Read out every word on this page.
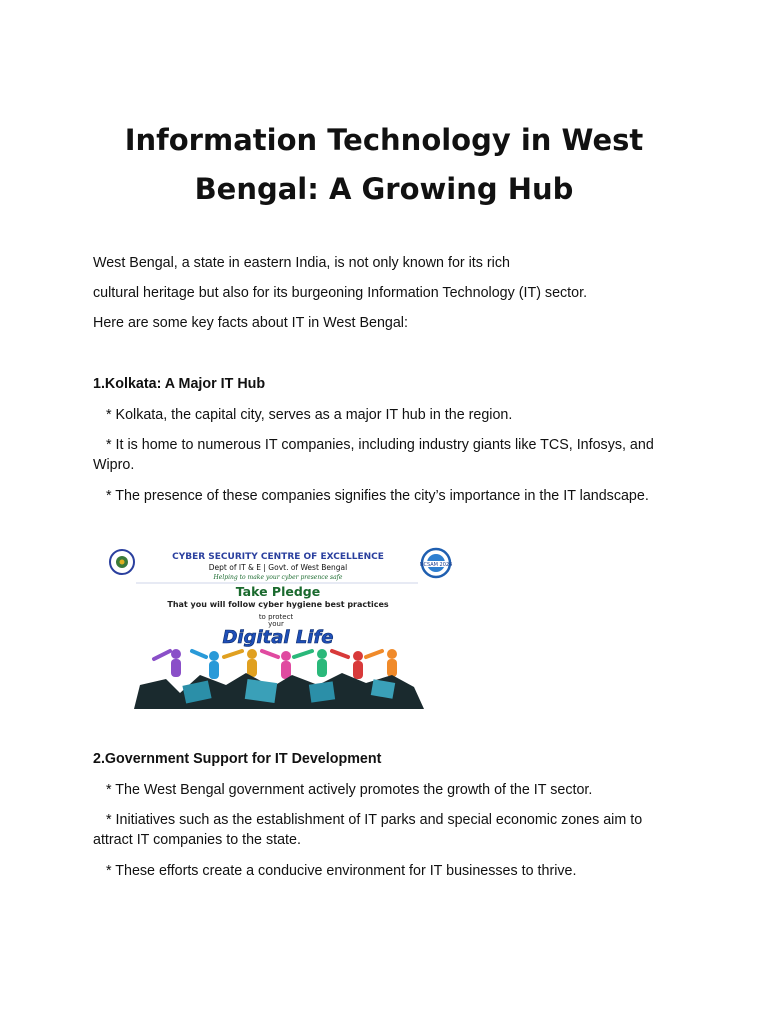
Information Technology in West Bengal: A Growing Hub

West Bengal, a state in eastern India, is not only known for its rich

cultural heritage but also for its burgeoning Information Technology (IT) sector.

Here are some key facts about IT in West Bengal:

1.Kolkata: A Major IT Hub

* Kolkata, the capital city, serves as a major IT hub in the region.

* It is home to numerous IT companies, including industry giants like TCS, Infosys, and Wipro.

* The presence of these companies signifies the city’s importance in the IT landscape.

NCSAM 2024
CYBER SECURITY CENTRE OF EXCELLENCE
Dept of IT & E | Govt. of West Bengal
Helping to make your cyber presence safe
Take Pledge
That you will follow cyber hygiene best practices
to protect
your
Digital Life

2.Government Support for IT Development

* The West Bengal government actively promotes the growth of the IT sector.

* Initiatives such as the establishment of IT parks and special economic zones aim to attract IT companies to the state.

* These efforts create a conducive environment for IT businesses to thrive.
